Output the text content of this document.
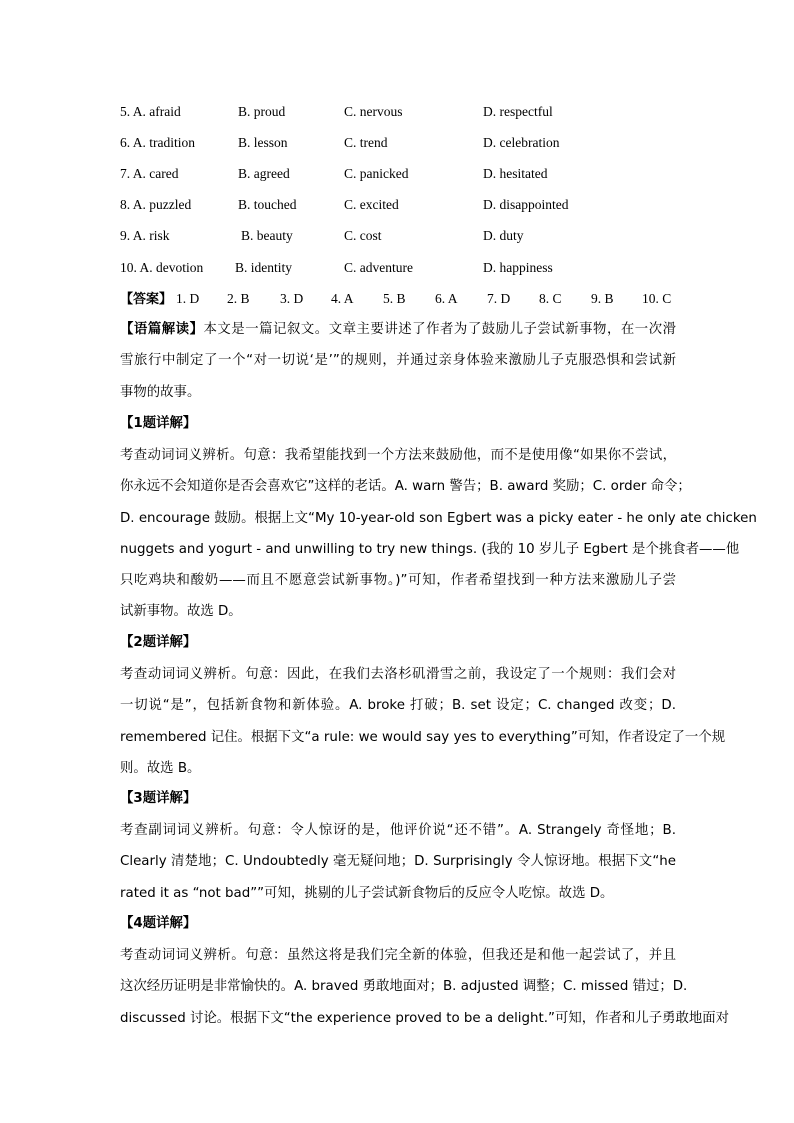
5. A. afraid	B. proud	C. nervous	D. respectful
6. A. tradition	B. lesson	C. trend	D. celebration
7. A. cared	B. agreed	C. panicked	D. hesitated
8. A. puzzled	B. touched	C. excited	D. disappointed
9. A. risk	B. beauty	C. cost	D. duty
10. A. devotion B. identity	C. adventure	D. happiness
【答案】 1. D 2. B 3. D 4. A 5. B 6. A 7. D 8. C 9. B 10. C
【语篇解读】本文是一篇记叙文。文章主要讲述了作者为了鼓励儿子尝试新事物，在一次滑
雪旅行中制定了一个“对一切说‘是’”的规则，并通过亲身体验来激励儿子克服恐惧和尝试新
事物的故事。
【1题详解】
考查动词词义辨析。句意：我希望能找到一个方法来鼓励他，而不是使用像“如果你不尝试，
你永远不会知道你是否会喜欢它”这样的老话。A. warn 警告；B. award 奖励；C. order 命令；
D. encourage 鼓励。根据上文“My 10-year-old son Egbert was a picky eater - he only ate chicken
nuggets and yogurt - and unwilling to try new things. (我的 10 岁儿子 Egbert 是个挑食者——他
只吃鸡块和酸奶——而且不愿意尝试新事物。)”可知，作者希望找到一种方法来激励儿子尝
试新事物。故选 D。
【2题详解】
考查动词词义辨析。句意：因此，在我们去洛杉矶滑雪之前，我设定了一个规则：我们会对
一切说“是”，包括新食物和新体验。A. broke 打破；B. set 设定；C. changed 改变；D.
remembered 记住。根据下文“a rule: we would say yes to everything”可知，作者设定了一个规
则。故选 B。
【3题详解】
考查副词词义辨析。句意：令人惊讶的是，他评价说“还不错”。A. Strangely 奇怪地；B.
Clearly 清楚地；C. Undoubtedly 毫无疑问地；D. Surprisingly 令人惊讶地。根据下文“he
rated it as “not bad””可知，挑剔的儿子尝试新食物后的反应令人吃惊。故选 D。
【4题详解】
考查动词词义辨析。句意：虽然这将是我们完全新的体验，但我还是和他一起尝试了，并且
这次经历证明是非常愉快的。A. braved 勇敢地面对；B. adjusted 调整；C. missed 错过；D.
discussed 讨论。根据下文“the experience proved to be a delight.”可知，作者和儿子勇敢地面对
